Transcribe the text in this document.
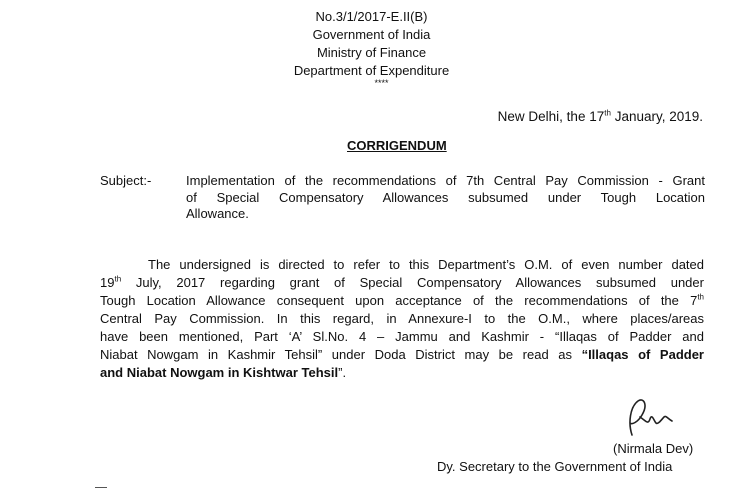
No.3/1/2017-E.II(B)
Government of India
Ministry of Finance
Department of Expenditure
****
New Delhi, the 17th January, 2019.
CORRIGENDUM
Subject:-	Implementation of the recommendations of 7th Central Pay Commission - Grant
of Special Compensatory Allowances subsumed under Tough Location
Allowance.
The undersigned is directed to refer to this Department’s O.M. of even number dated
19th July, 2017 regarding grant of Special Compensatory Allowances subsumed under
Tough Location Allowance consequent upon acceptance of the recommendations of the 7th
Central Pay Commission. In this regard, in Annexure-I to the O.M., where places/areas
have been mentioned, Part ‘A’ Sl.No. 4 – Jammu and Kashmir - “Illaqas of Padder and
Niabat Nowgam in Kashmir Tehsil” under Doda District may be read as “Illaqas of Padder
and Niabat Nowgam in Kishtwar Tehsil”.
(Nirmala Dev)
Dy. Secretary to the Government of India
